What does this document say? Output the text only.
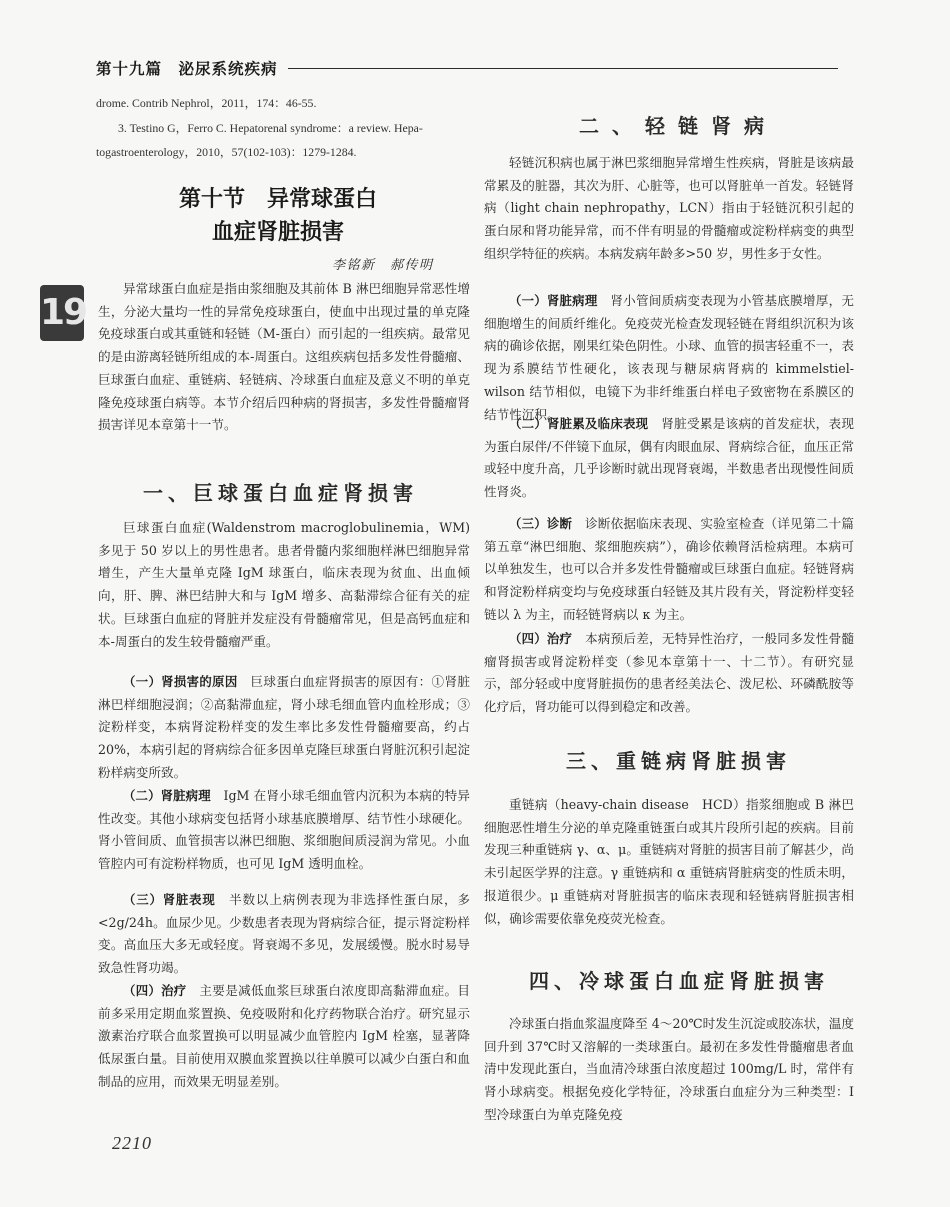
第十九篇　泌尿系统疾病
19
drome. Contrib Nephrol，2011，174：46-55.
3. Testino G，Ferro C. Hepatorenal syndrome：a review. Hepa-
togastroenterology，2010，57(102-103)：1279-1284.
第十节　异常球蛋白
血症肾脏损害
李铭新　郝传明

异常球蛋白血症是指由浆细胞及其前体 B 淋巴细胞异常恶性增生，分泌大量均一性的异常免疫球蛋白，使血中出现过量的单克隆免疫球蛋白或其重链和轻链（M-蛋白）而引起的一组疾病。最常见的是由游离轻链所组成的本-周蛋白。这组疾病包括多发性骨髓瘤、巨球蛋白血症、重链病、轻链病、冷球蛋白血症及意义不明的单克隆免疫球蛋白病等。本节介绍后四种病的肾损害，多发性骨髓瘤肾损害详见本章第十一节。

一、巨球蛋白血症肾损害

巨球蛋白血症(Waldenstrom macroglobulinemia，WM)多见于 50 岁以上的男性患者。患者骨髓内浆细胞样淋巴细胞异常增生，产生大量单克隆 IgM 球蛋白，临床表现为贫血、出血倾向，肝、脾、淋巴结肿大和与 IgM 增多、高黏滞综合征有关的症状。巨球蛋白血症的肾脏并发症没有骨髓瘤常见，但是高钙血症和本-周蛋白的发生较骨髓瘤严重。

（一）肾损害的原因　 巨球蛋白血症肾损害的原因有：①肾脏淋巴样细胞浸润；②高黏滞血症，肾小球毛细血管内血栓形成；③淀粉样变，本病肾淀粉样变的发生率比多发性骨髓瘤要高，约占 20%，本病引起的肾病综合征多因单克隆巨球蛋白肾脏沉积引起淀粉样病变所致。

（二）肾脏病理　 IgM 在肾小球毛细血管内沉积为本病的特异性改变。其他小球病变包括肾小球基底膜增厚、结节性小球硬化。肾小管间质、血管损害以淋巴细胞、浆细胞间质浸润为常见。小血管腔内可有淀粉样物质，也可见 IgM 透明血栓。

（三）肾脏表现　 半数以上病例表现为非选择性蛋白尿，多<2g/24h。血尿少见。少数患者表现为肾病综合征，提示肾淀粉样变。高血压大多无或轻度。肾衰竭不多见，发展缓慢。脱水时易导致急性肾功竭。

（四）治疗　 主要是减低血浆巨球蛋白浓度即高黏滞血症。目前多采用定期血浆置换、免疫吸附和化疗药物联合治疗。研究显示激素治疗联合血浆置换可以明显减少血管腔内 IgM 栓塞，显著降低尿蛋白量。目前使用双膜血浆置换以往单膜可以减少白蛋白和血制品的应用，而效果无明显差别。

二、轻链肾病

轻链沉积病也属于淋巴浆细胞异常增生性疾病，肾脏是该病最常累及的脏器，其次为肝、心脏等，也可以肾脏单一首发。轻链肾病（light chain nephropathy，LCN）指由于轻链沉积引起的蛋白尿和肾功能异常，而不伴有明显的骨髓瘤或淀粉样病变的典型组织学特征的疾病。本病发病年龄多>50 岁，男性多于女性。

（一）肾脏病理　 肾小管间质病变表现为小管基底膜增厚，无细胞增生的间质纤维化。免疫荧光检查发现轻链在肾组织沉积为该病的确诊依据，刚果红染色阴性。小球、血管的损害轻重不一，表现为系膜结节性硬化，该表现与糖尿病肾病的 kimmelstiel-wilson 结节相似，电镜下为非纤维蛋白样电子致密物在系膜区的结节性沉积。

（二）肾脏累及临床表现　 肾脏受累是该病的首发症状，表现为蛋白尿伴/不伴镜下血尿，偶有肉眼血尿、肾病综合征，血压正常或轻中度升高，几乎诊断时就出现肾衰竭，半数患者出现慢性间质性肾炎。

（三）诊断　 诊断依据临床表现、实验室检查（详见第二十篇第五章“淋巴细胞、浆细胞疾病”），确诊依赖肾活检病理。本病可以单独发生，也可以合并多发性骨髓瘤或巨球蛋白血症。轻链肾病和肾淀粉样病变均与免疫球蛋白轻链及其片段有关，肾淀粉样变轻链以 λ 为主，而轻链肾病以 κ 为主。

（四）治疗　 本病预后差，无特异性治疗，一般同多发性骨髓瘤肾损害或肾淀粉样变（参见本章第十一、十二节）。有研究显示，部分轻或中度肾脏损伤的患者经美法仑、泼尼松、环磷酰胺等化疗后，肾功能可以得到稳定和改善。

三、重链病肾脏损害

重链病（heavy-chain disease　HCD）指浆细胞或 B 淋巴细胞恶性增生分泌的单克隆重链蛋白或其片段所引起的疾病。目前发现三种重链病 γ、α、μ。重链病对肾脏的损害目前了解甚少，尚未引起医学界的注意。γ 重链病和 α 重链病肾脏病变的性质未明，报道很少。μ 重链病对肾脏损害的临床表现和轻链病肾脏损害相似，确诊需要依靠免疫荧光检查。

四、冷球蛋白血症肾脏损害

冷球蛋白指血浆温度降至 4～20℃时发生沉淀或胶冻状，温度回升到 37℃时又溶解的一类球蛋白。最初在多发性骨髓瘤患者血清中发现此蛋白，当血清冷球蛋白浓度超过 100mg/L 时，常伴有肾小球病变。根据免疫化学特征，冷球蛋白血症分为三种类型：Ⅰ型冷球蛋白为单克隆免疫

2210
